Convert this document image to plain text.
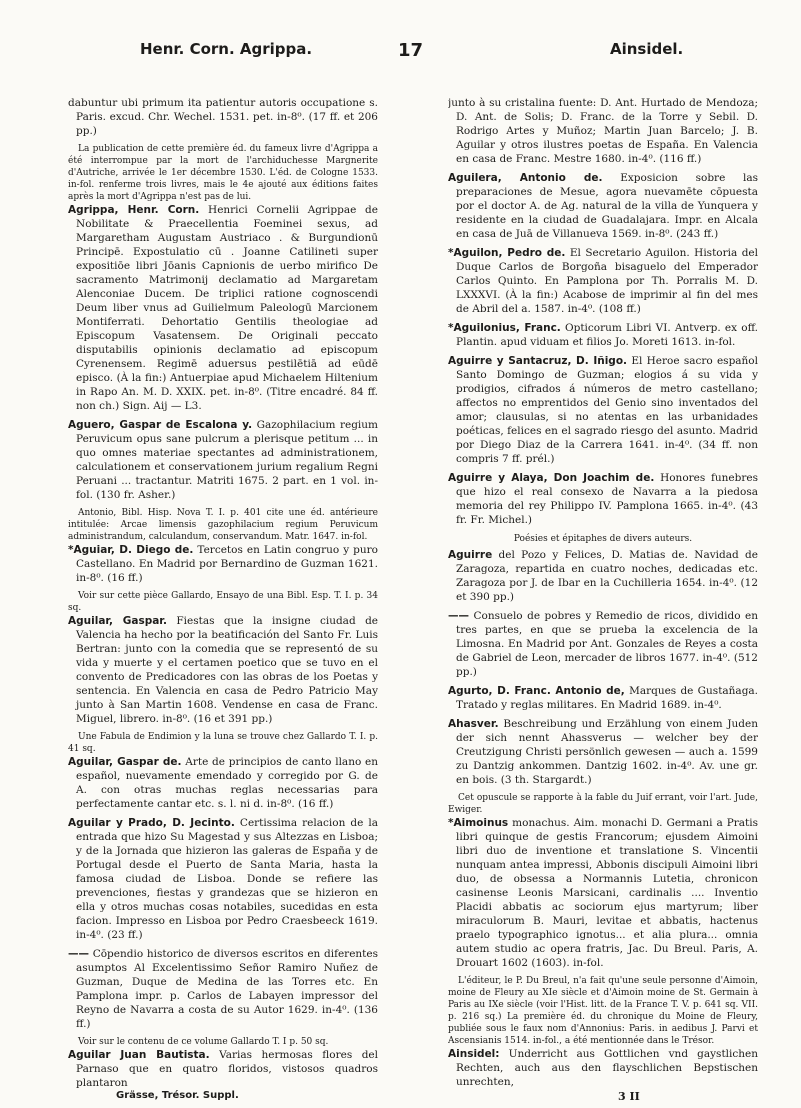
Henr. Corn. Agrippa.	17	Ainsidel.
dabuntur ubi primum ita patientur autoris occupatione s. Paris. excud. Chr. Wechel. 1531. pet. in-8⁰. (17 ff. et 206 pp.)
La publication de cette première éd. du fameux livre d'Agrippa a été interrompue par la mort de l'archiduchesse Margnerite d'Autriche, arrivée le 1er décembre 1530. L'éd. de Cologne 1533. in-fol. renferme trois livres, mais le 4e ajouté aux éditions faites après la mort d'Agrippa n'est pas de lui.
Agrippa, Henr. Corn. Henrici Cornelii Agrippae de Nobilitate & Praecellentia Foeminei sexus, ad Margaretham Augustam Austriaco . & Burgundionū Principē. Expostulatio cū . Joanne Catilineti super expositiōe libri Jōanis Capnionis de uerbo mirifico De sacramento Matrimonij declamatio ad Margaretam Alenconiae Ducem. De triplici ratione cognoscendi Deum liber vnus ad Guilielmum Paleologū Marcionem Montiferrati. Dehortatio Gentilis theologiae ad Episcopum Vasatensem. De Originali peccato disputabilis opinionis declamatio ad episcopum Cyrenensem. Regimē aduersus pestilētiā ad eūdē episco. (À la fin:) Antuerpiae apud Michaelem Hiltenium in Rapo An. M. D. XXIX. pet. in-8⁰. (Titre encadré. 84 ff. non ch.) Sign. Aij — L3.
Aguero, Gaspar de Escalona y. Gazophilacium regium Peruvicum opus sane pulcrum a plerisque petitum ... in quo omnes materiae spectantes ad administrationem, calculationem et conservationem jurium regalium Regni Peruani ... tractantur. Matriti 1675. 2 part. en 1 vol. in-fol. (130 fr. Asher.)
Antonio, Bibl. Hisp. Nova T. I. p. 401 cite une éd. antérieure intitulée: Arcae limensis gazophilacium regium Peruvicum administrandum, calculandum, conservandum. Matr. 1647. in-fol.
*Aguiar, D. Diego de. Tercetos en Latin congruo y puro Castellano. En Madrid por Bernardino de Guzman 1621. in-8⁰. (16 ff.)
Voir sur cette pièce Gallardo, Ensayo de una Bibl. Esp. T. I. p. 34 sq.
Aguilar, Gaspar. Fiestas que la insigne ciudad de Valencia ha hecho por la beatificación del Santo Fr. Luis Bertran: junto con la comedia que se representó de su vida y muerte y el certamen poetico que se tuvo en el convento de Predicadores con las obras de los Poetas y sentencia. En Valencia en casa de Pedro Patricio May junto à San Martin 1608. Vendense en casa de Franc. Miguel, librero. in-8⁰. (16 et 391 pp.)
Une Fabula de Endimion y la luna se trouve chez Gallardo T. I. p. 41 sq.
Aguilar, Gaspar de. Arte de principios de canto llano en español, nuevamente emendado y corregido por G. de A. con otras muchas reglas necessarias para perfectamente cantar etc. s. l. ni d. in-8⁰. (16 ff.)
Aguilar y Prado, D. Jecinto. Certissima relacion de la entrada que hizo Su Magestad y sus Altezzas en Lisboa; y de la Jornada que hizieron las galeras de España y de Portugal desde el Puerto de Santa Maria, hasta la famosa ciudad de Lisboa. Donde se refiere las prevenciones, fiestas y grandezas que se hizieron en ella y otros muchas cosas notabiles, sucedidas en esta facion. Impresso en Lisboa por Pedro Craesbeeck 1619. in-4⁰. (23 ff.)
—— Cōpendio historico de diversos escritos en diferentes asumptos Al Excelentissimo Señor Ramiro Nuñez de Guzman, Duque de Medina de las Torres etc. En Pamplona impr. p. Carlos de Labayen impressor del Reyno de Navarra a costa de su Autor 1629. in-4⁰. (136 ff.)
Voir sur le contenu de ce volume Gallardo T. I p. 50 sq.
Aguilar Juan Bautista. Varias hermosas flores del Parnaso que en quatro floridos, vistosos quadros plantaron
junto à su cristalina fuente: D. Ant. Hurtado de Mendoza; D. Ant. de Solis; D. Franc. de la Torre y Sebil. D. Rodrigo Artes y Muñoz; Martin Juan Barcelo; J. B. Aguilar y otros ilustres poetas de España. En Valencia en casa de Franc. Mestre 1680. in-4⁰. (116 ff.)
Aguilera, Antonio de. Exposicion sobre las preparaciones de Mesue, agora nuevamēte cōpuesta por el doctor A. de Ag. natural de la villa de Yunquera y residente en la ciudad de Guadalajara. Impr. en Alcala en casa de Juā de Villanueva 1569. in-8⁰. (243 ff.)
*Aguilon, Pedro de. El Secretario Aguilon. Historia del Duque Carlos de Borgoña bisaguelo del Emperador Carlos Quinto. En Pamplona por Th. Porralis M. D. LXXXVI. (À la fin:) Acabose de imprimir al fin del mes de Abril del a. 1587. in-4⁰. (108 ff.)
*Aguilonius, Franc. Opticorum Libri VI. Antverp. ex off. Plantin. apud viduam et filios Jo. Moreti 1613. in-fol.
Aguirre y Santacruz, D. Iñigo. El Heroe sacro español Santo Domingo de Guzman; elogios á su vida y prodigios, cifrados á números de metro castellano; affectos no emprentidos del Genio sino inventados del amor; clausulas, si no atentas en las urbanidades poéticas, felices en el sagrado riesgo del asunto. Madrid por Diego Diaz de la Carrera 1641. in-4⁰. (34 ff. non compris 7 ff. prél.)
Aguirre y Alaya, Don Joachim de. Honores funebres que hizo el real consexo de Navarra a la piedosa memoria del rey Philippo IV. Pamplona 1665. in-4⁰. (43 fr. Fr. Michel.)
Poésies et épitaphes de divers auteurs.
Aguirre del Pozo y Felices, D. Matias de. Navidad de Zaragoza, repartida en cuatro noches, dedicadas etc. Zaragoza por J. de Ibar en la Cuchilleria 1654. in-4⁰. (12 et 390 pp.)
—— Consuelo de pobres y Remedio de ricos, dividido en tres partes, en que se prueba la excelencia de la Limosna. En Madrid por Ant. Gonzales de Reyes a costa de Gabriel de Leon, mercader de libros 1677. in-4⁰. (512 pp.)
Agurto, D. Franc. Antonio de, Marques de Gustañaga. Tratado y reglas militares. En Madrid 1689. in-4⁰.
Ahasver. Beschreibung und Erzählung von einem Juden der sich nennt Ahassverus — welcher bey der Creutzigung Christi persönlich gewesen — auch a. 1599 zu Dantzig ankommen. Dantzig 1602. in-4⁰. Av. une gr. en bois. (3 th. Stargardt.)
Cet opuscule se rapporte à la fable du Juif errant, voir l'art. Jude, Ewiger.
*Aimoinus monachus. Aim. monachi D. Germani a Pratis libri quinque de gestis Francorum; ejusdem Aimoini libri duo de inventione et translatione S. Vincentii nunquam antea impressi, Abbonis discipuli Aimoini libri duo, de obsessa a Normannis Lutetia, chronicon casinense Leonis Marsicani, cardinalis .... Inventio Placidi abbatis ac sociorum ejus martyrum; liber miraculorum B. Mauri, levitae et abbatis, hactenus praelo typographico ignotus... et alia plura... omnia autem studio ac opera fratris, Jac. Du Breul. Paris, A. Drouart 1602 (1603). in-fol.
L'éditeur, le P. Du Breul, n'a fait qu'une seule personne d'Aimoin, moine de Fleury au XIe siècle et d'Aimoin moine de St. Germain à Paris au IXe siècle (voir l'Hist. litt. de la France T. V. p. 641 sq. VII. p. 216 sq.) La première éd. du chronique du Moine de Fleury, publiée sous le faux nom d'Annonius: Paris. in aedibus J. Parvi et Ascensianis 1514. in-fol., a été mentionnée dans le Trésor.
Ainsidel: Underricht aus Gottlichen vnd gaystlichen Rechten, auch aus den flayschlichen Bepstischen unrechten,
Grässe, Trésor. Suppl.	3 II
